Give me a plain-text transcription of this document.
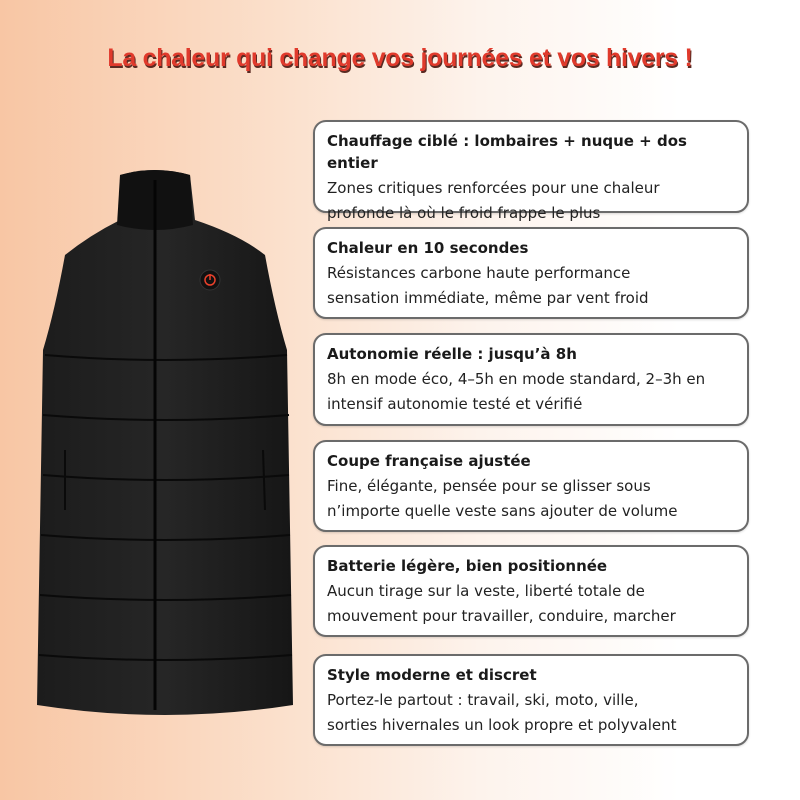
La chaleur qui change vos journées et vos hivers !
Chauffage ciblé : lombaires + nuque + dos entier

Zones critiques renforcées pour une chaleur

profonde là où le froid frappe le plus

Chaleur en 10 secondes

Résistances carbone haute performance

sensation immédiate, même par vent froid

Autonomie réelle : jusqu’à 8h

8h en mode éco, 4–5h en mode standard, 2–3h en

intensif autonomie testé et vérifié

Coupe française ajustée

Fine, élégante, pensée pour se glisser sous

n’importe quelle veste sans ajouter de volume

Batterie légère, bien positionnée

Aucun tirage sur la veste, liberté totale de

mouvement pour travailler, conduire, marcher

Style moderne et discret

Portez-le partout : travail, ski, moto, ville,

sorties hivernales un look propre et polyvalent
